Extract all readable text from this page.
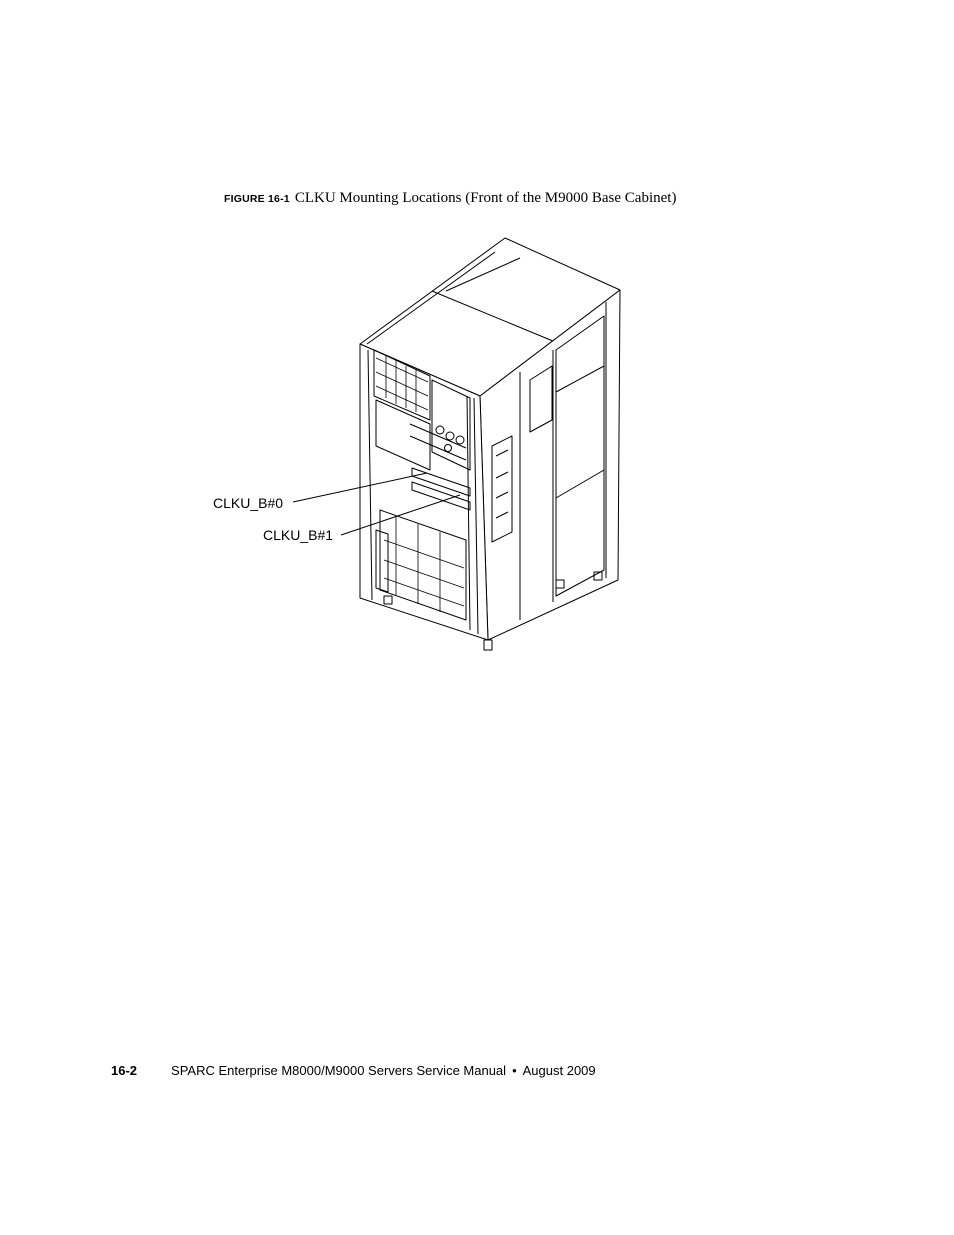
FIGURE 16-1 CLKU Mounting Locations (Front of the M9000 Base Cabinet)
CLKU_B#0
CLKU_B#1
16-2	SPARC Enterprise M8000/M9000 Servers Service Manual • August 2009
